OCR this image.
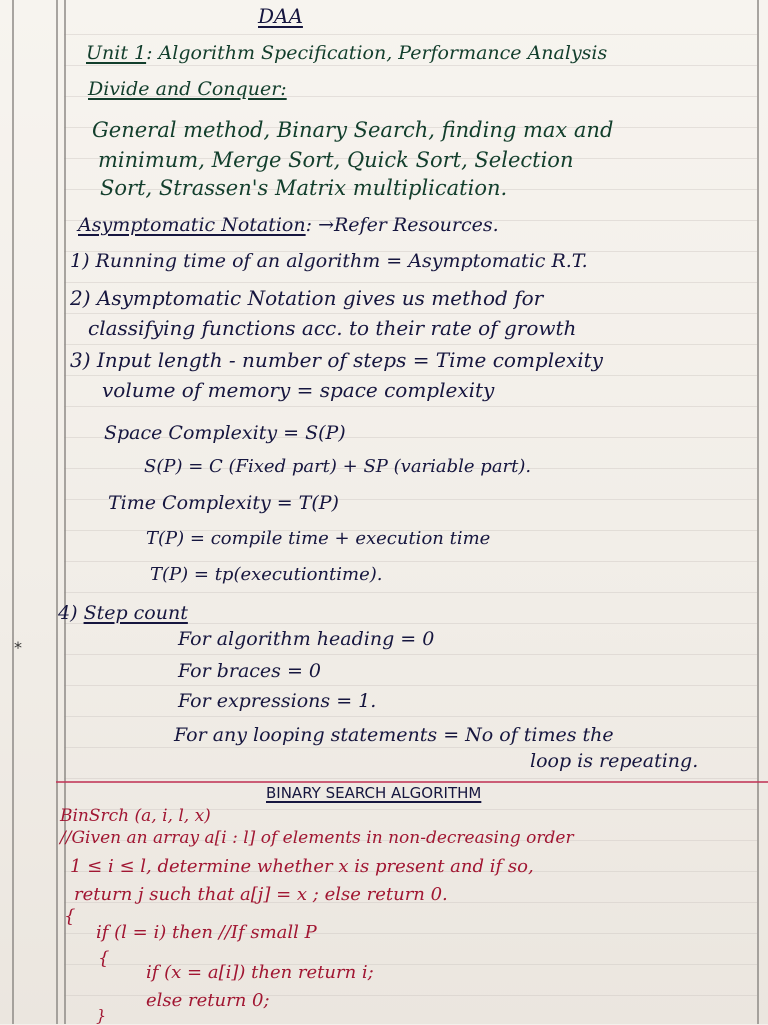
*
DAA
Unit 1: Algorithm Specification, Performance Analysis
Divide and Conquer:
General method, Binary Search, finding max and
minimum, Merge Sort, Quick Sort, Selection
Sort, Strassen's Matrix multiplication.
Asymptomatic Notation: →Refer Resources.
1) Running time of an algorithm = Asymptomatic R.T.
2) Asymptomatic Notation gives us method for
classifying functions acc. to their rate of growth
3) Input length - number of steps = Time complexity
volume of memory = space complexity
Space Complexity = S(P)
S(P) = C (Fixed part) + SP (variable part).
Time Complexity = T(P)
T(P) = compile time + execution time
T(P) = tp(executiontime).
4) Step count
For algorithm heading = 0
For braces = 0
For expressions = 1.
For any looping statements = No of times the
loop is repeating.
BINARY SEARCH ALGORITHM
BinSrch (a, i, l, x)
//Given an array a[i : l] of elements in non-decreasing order
1 ≤ i ≤ l, determine whether x is present and if so,
return j such that a[j] = x ; else return 0.
{
if (l = i) then //If small P
{
if (x = a[i]) then return i;
else return 0;
}
